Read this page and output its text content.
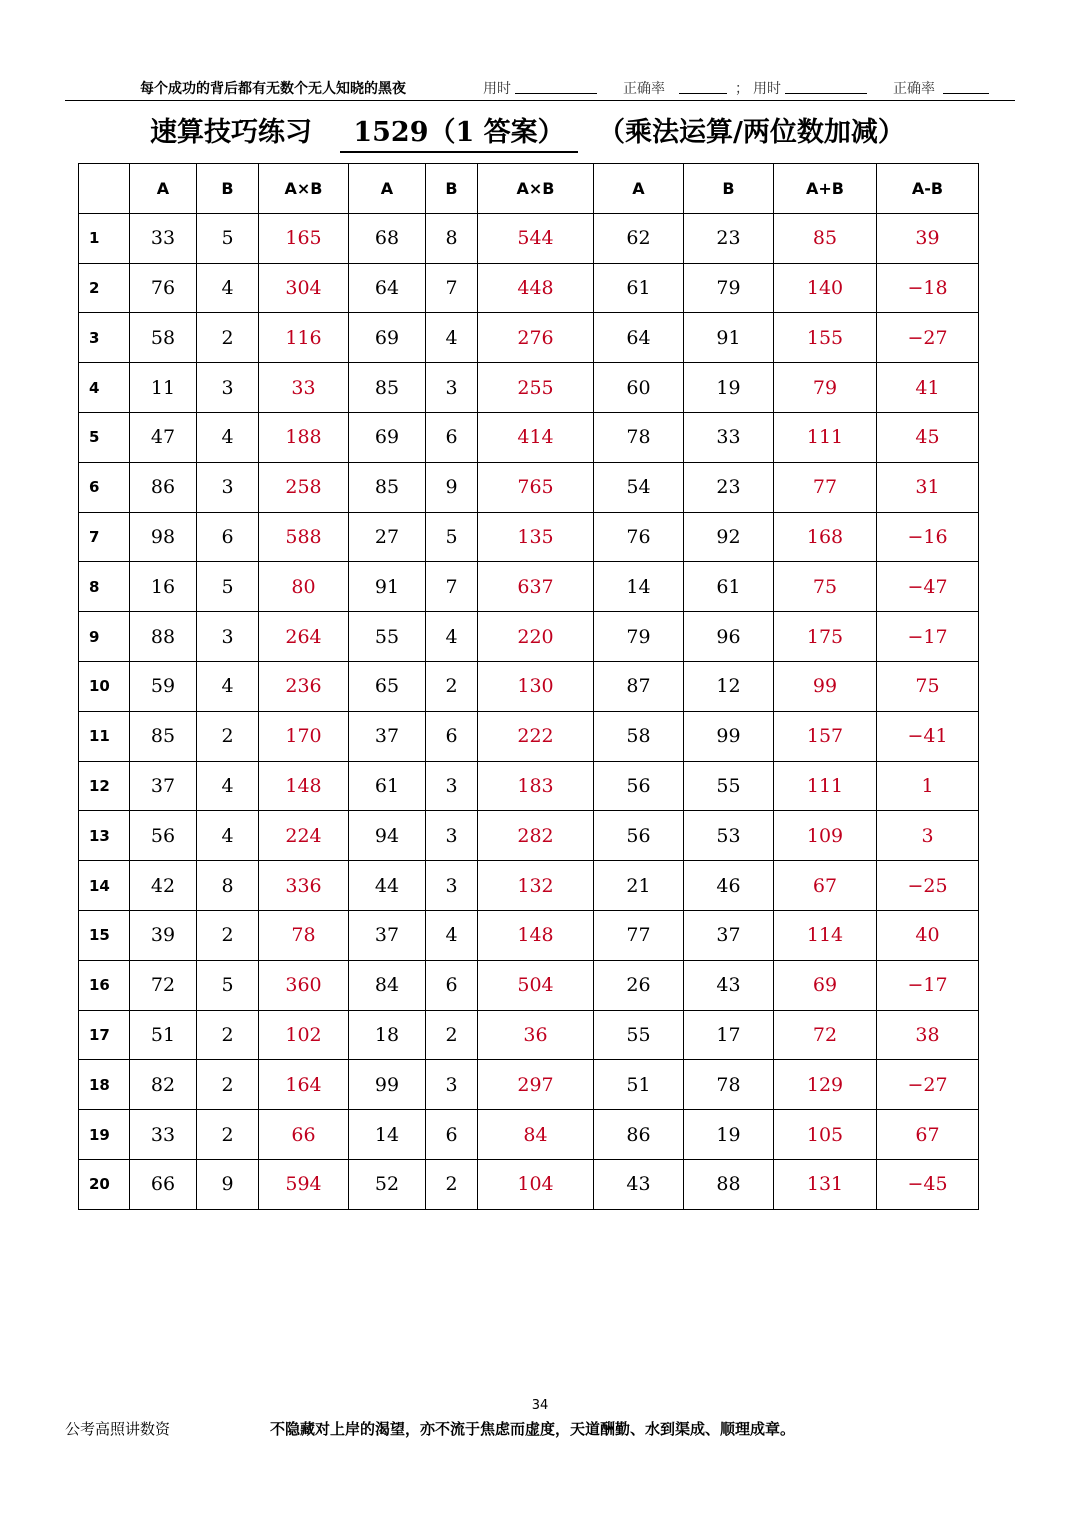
每个成功的背后都有无数个无人知晓的黑夜	用时	正确率	； 用时	正确率
速算技巧练习	1529（1 答案）	（乘法运算/两位数加减）
	A	B	A×B	A	B	A×B	A	B	A+B	A-B
1	33	5	165	68	8	544	62	23	85	39
2	76	4	304	64	7	448	61	79	140	−18
3	58	2	116	69	4	276	64	91	155	−27
4	11	3	33	85	3	255	60	19	79	41
5	47	4	188	69	6	414	78	33	111	45
6	86	3	258	85	9	765	54	23	77	31
7	98	6	588	27	5	135	76	92	168	−16
8	16	5	80	91	7	637	14	61	75	−47
9	88	3	264	55	4	220	79	96	175	−17
10	59	4	236	65	2	130	87	12	99	75
11	85	2	170	37	6	222	58	99	157	−41
12	37	4	148	61	3	183	56	55	111	1
13	56	4	224	94	3	282	56	53	109	3
14	42	8	336	44	3	132	21	46	67	−25
15	39	2	78	37	4	148	77	37	114	40
16	72	5	360	84	6	504	26	43	69	−17
17	51	2	102	18	2	36	55	17	72	38
18	82	2	164	99	3	297	51	78	129	−27
19	33	2	66	14	6	84	86	19	105	67
20	66	9	594	52	2	104	43	88	131	−45
34
公考高照讲数资	不隐藏对上岸的渴望，亦不流于焦虑而虚度，天道酬勤、水到渠成、顺理成章。
